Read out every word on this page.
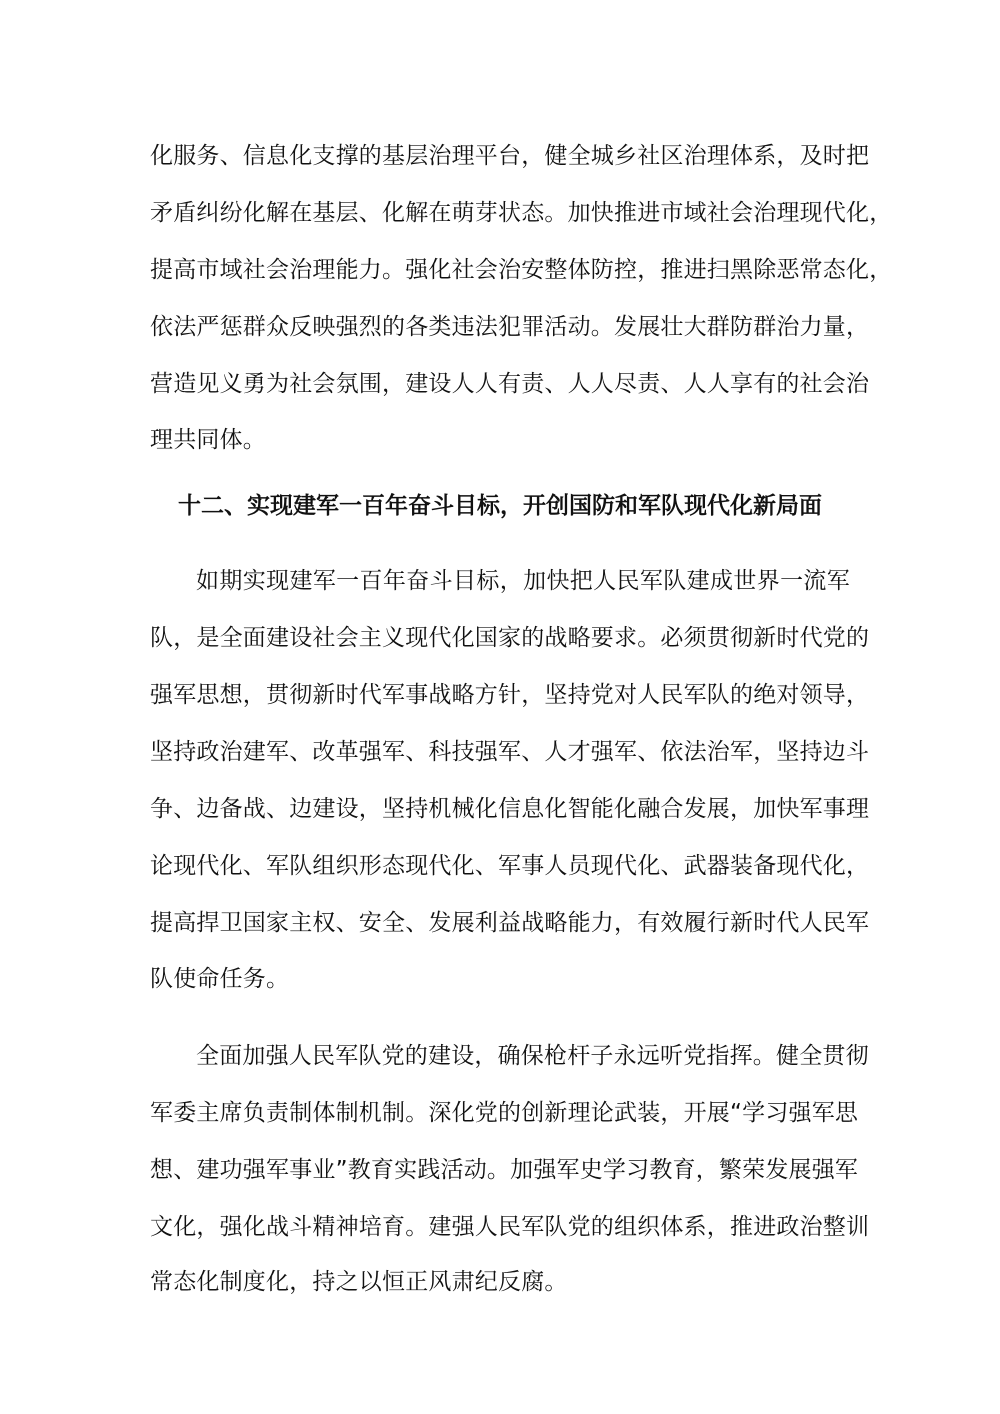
化服务、信息化支撑的基层治理平台，健全城乡社区治理体系，及时把
矛盾纠纷化解在基层、化解在萌芽状态。加快推进市域社会治理现代化，
提高市域社会治理能力。强化社会治安整体防控，推进扫黑除恶常态化，
依法严惩群众反映强烈的各类违法犯罪活动。发展壮大群防群治力量，
营造见义勇为社会氛围，建设人人有责、人人尽责、人人享有的社会治
理共同体。
十二、实现建军一百年奋斗目标，开创国防和军队现代化新局面
如期实现建军一百年奋斗目标，加快把人民军队建成世界一流军
队，是全面建设社会主义现代化国家的战略要求。必须贯彻新时代党的
强军思想，贯彻新时代军事战略方针，坚持党对人民军队的绝对领导，
坚持政治建军、改革强军、科技强军、人才强军、依法治军，坚持边斗
争、边备战、边建设，坚持机械化信息化智能化融合发展，加快军事理
论现代化、军队组织形态现代化、军事人员现代化、武器装备现代化，
提高捍卫国家主权、安全、发展利益战略能力，有效履行新时代人民军
队使命任务。
全面加强人民军队党的建设，确保枪杆子永远听党指挥。健全贯彻
军委主席负责制体制机制。深化党的创新理论武装，开展“学习强军思
想、建功强军事业”教育实践活动。加强军史学习教育，繁荣发展强军
文化，强化战斗精神培育。建强人民军队党的组织体系，推进政治整训
常态化制度化，持之以恒正风肃纪反腐。
